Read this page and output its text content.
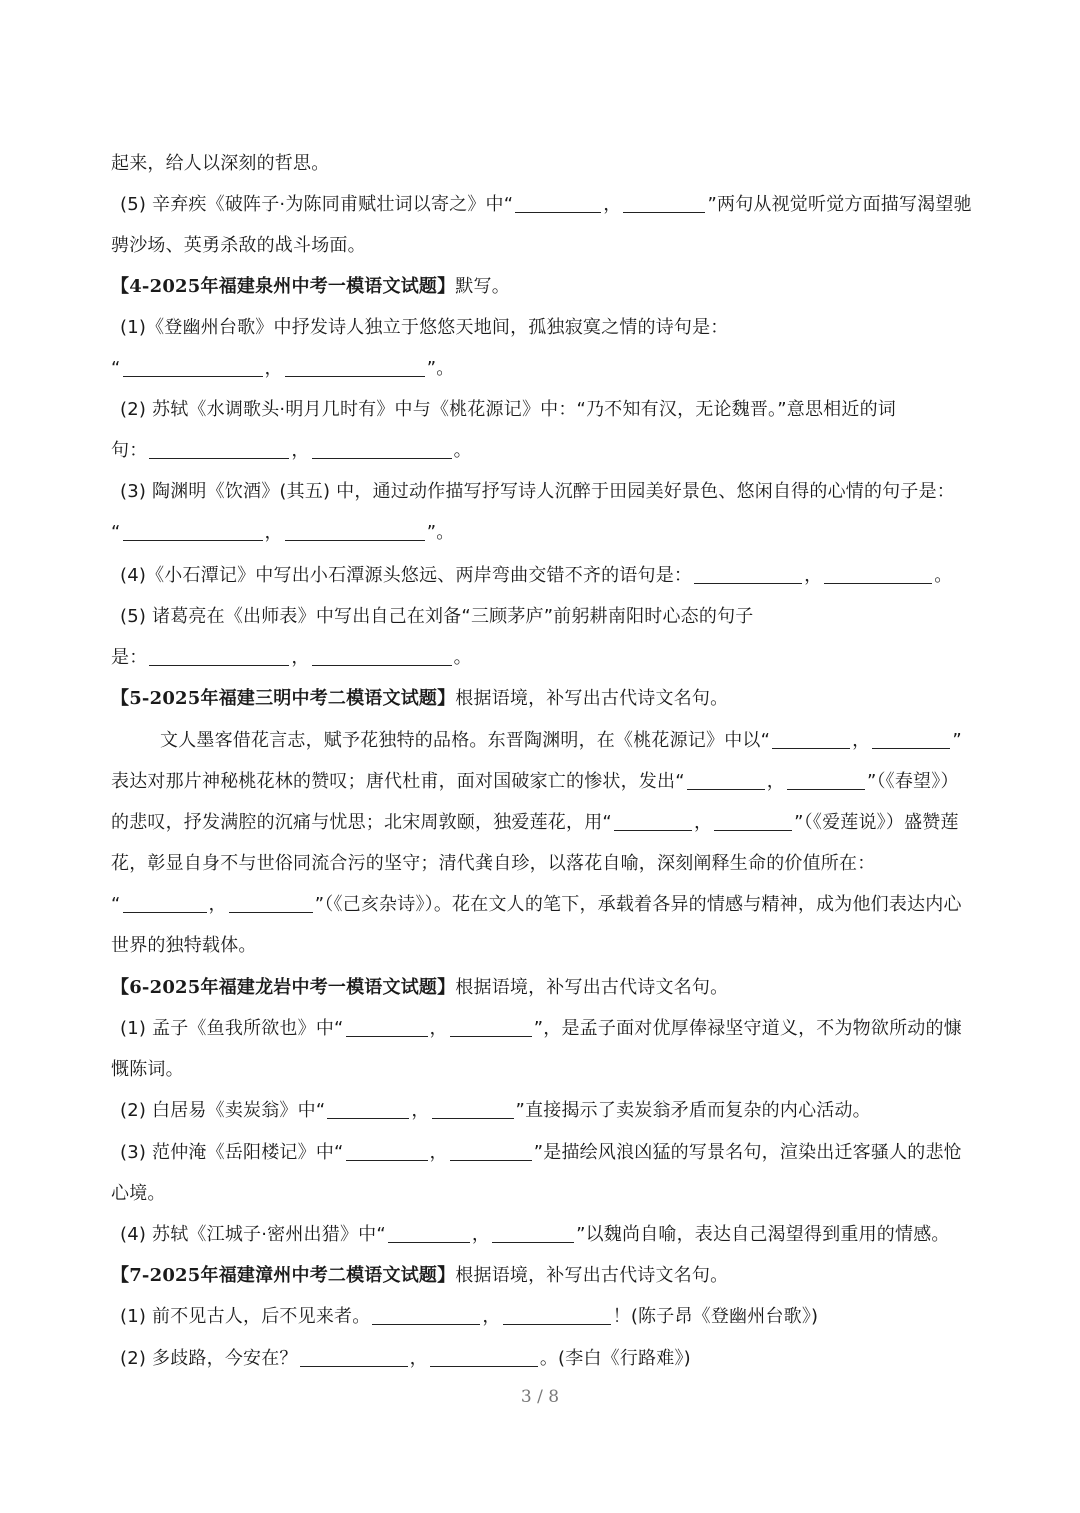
起来，给人以深刻的哲思。
(5) 辛弃疾《破阵子·为陈同甫赋壮词以寄之》中“	，	”两句从视觉听觉方面描写渴望驰
骋沙场、英勇杀敌的战斗场面。
【4-2025年福建泉州中考一模语文试题】默写。
(1)《登幽州台歌》中抒发诗人独立于悠悠天地间，孤独寂寞之情的诗句是：
“	，	”。
(2) 苏轼《水调歌头·明月几时有》中与《桃花源记》中：“乃不知有汉，无论魏晋。”意思相近的词
句：	，	。
(3) 陶渊明《饮酒》(其五) 中，通过动作描写抒写诗人沉醉于田园美好景色、悠闲自得的心情的句子是：
“	，	”。
(4)《小石潭记》中写出小石潭源头悠远、两岸弯曲交错不齐的语句是：	，	。
(5) 诸葛亮在《出师表》中写出自己在刘备“三顾茅庐”前躬耕南阳时心态的句子
是：	，	。
【5-2025年福建三明中考二模语文试题】根据语境，补写出古代诗文名句。
文人墨客借花言志，赋予花独特的品格。东晋陶渊明，在《桃花源记》中以“	，	”
表达对那片神秘桃花林的赞叹；唐代杜甫，面对国破家亡的惨状，发出“	，	”（《春望》）
的悲叹，抒发满腔的沉痛与忧思；北宋周敦颐，独爱莲花，用“	，	”（《爱莲说》）盛赞莲
花，彰显自身不与世俗同流合污的坚守；清代龚自珍，以落花自喻，深刻阐释生命的价值所在：
“	，	”（《己亥杂诗》）。花在文人的笔下，承载着各异的情感与精神，成为他们表达内心
世界的独特载体。
【6-2025年福建龙岩中考一模语文试题】根据语境，补写出古代诗文名句。
(1) 孟子《鱼我所欲也》中“	，	”，是孟子面对优厚俸禄坚守道义，不为物欲所动的慷
慨陈词。
(2) 白居易《卖炭翁》中“	，	”直接揭示了卖炭翁矛盾而复杂的内心活动。
(3) 范仲淹《岳阳楼记》中“	，	”是描绘风浪凶猛的写景名句，渲染出迁客骚人的悲怆
心境。
(4) 苏轼《江城子·密州出猎》中“	，	”以魏尚自喻，表达自己渴望得到重用的情感。
【7-2025年福建漳州中考二模语文试题】根据语境，补写出古代诗文名句。
(1) 前不见古人，后不见来者。	，	！(陈子昂《登幽州台歌》)
(2) 多歧路，今安在？	，	。(李白《行路难》)
3 / 8
